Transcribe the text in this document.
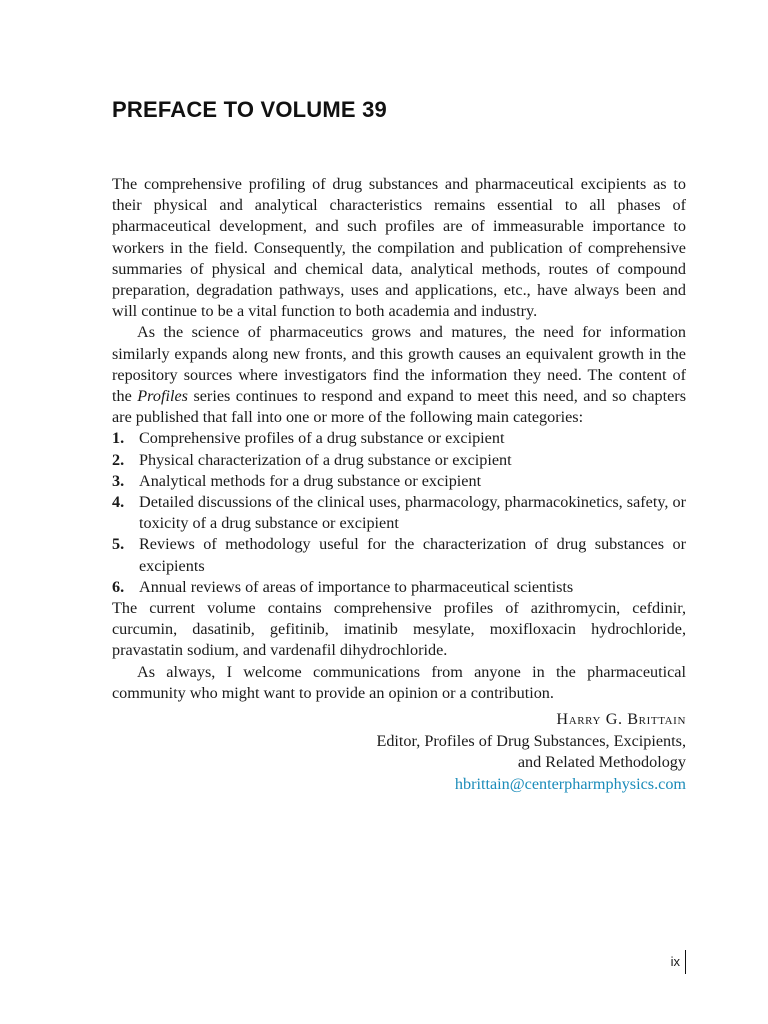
PREFACE TO VOLUME 39

The comprehensive profiling of drug substances and pharmaceutical excipients as to their physical and analytical characteristics remains essential to all phases of pharmaceutical development, and such profiles are of immeasurable importance to workers in the field. Consequently, the compilation and publication of comprehensive summaries of physical and chemical data, analytical methods, routes of compound preparation, degradation pathways, uses and applications, etc., have always been and will continue to be a vital function to both academia and industry.

As the science of pharmaceutics grows and matures, the need for information similarly expands along new fronts, and this growth causes an equivalent growth in the repository sources where investigators find the information they need. The content of the Profiles series continues to respond and expand to meet this need, and so chapters are published that fall into one or more of the following main categories:

1. Comprehensive profiles of a drug substance or excipient
2. Physical characterization of a drug substance or excipient
3. Analytical methods for a drug substance or excipient
4. Detailed discussions of the clinical uses, pharmacology, pharmacokinetics, safety, or toxicity of a drug substance or excipient
5. Reviews of methodology useful for the characterization of drug substances or excipients
6. Annual reviews of areas of importance to pharmaceutical scientists

The current volume contains comprehensive profiles of azithromycin, cefdinir, curcumin, dasatinib, gefitinib, imatinib mesylate, moxifloxacin hydrochloride, pravastatin sodium, and vardenafil dihydrochloride.

As always, I welcome communications from anyone in the pharmaceutical community who might want to provide an opinion or a contribution.

Harry G. Brittain
Editor, Profiles of Drug Substances, Excipients,
and Related Methodology
hbrittain@centerpharmphysics.com
ix
